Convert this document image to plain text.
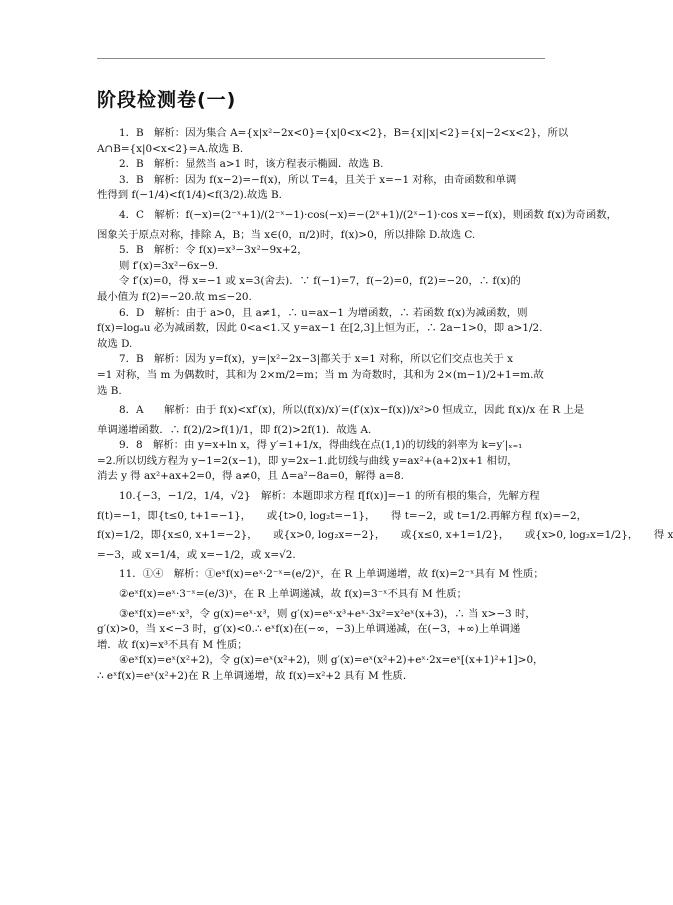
阶段检测卷(一)

1．B　解析：因为集合 A={x|x²−2x<0}={x|0<x<2}，B={x||x|<2}={x|−2<x<2}，所以

A∩B={x|0<x<2}=A.故选 B.

2．B　解析：显然当 a>1 时，该方程表示椭圆．故选 B.

3．B　解析：因为 f(x−2)=−f(x)，所以 T=4，且关于 x=−1 对称，由奇函数和单调

性得到 f(−1/4)<f(1/4)<f(3/2).故选 B.

4．C　解析：f(−x)=(2⁻ˣ+1)/(2⁻ˣ−1)·cos(−x)=−(2ˣ+1)/(2ˣ−1)·cos x=−f(x)，则函数 f(x)为奇函数，

图象关于原点对称，排除 A，B；当 x∈(0，π/2)时，f(x)>0，所以排除 D.故选 C.

5．B　解析：令 f(x)=x³−3x²−9x+2，

则 f′(x)=3x²−6x−9.

令 f′(x)=0，得 x=−1 或 x=3(舍去)．∵ f(−1)=7，f(−2)=0，f(2)=−20，∴ f(x)的

最小值为 f(2)=−20.故 m≤−20.

6．D　解析：由于 a>0，且 a≠1，∴ u=ax−1 为增函数，∴ 若函数 f(x)为减函数，则

f(x)=logₐu 必为减函数，因此 0<a<1.又 y=ax−1 在[2,3]上恒为正，∴ 2a−1>0，即 a>1/2.

故选 D.

7．B　解析：因为 y=f(x)，y=|x²−2x−3|都关于 x=1 对称，所以它们交点也关于 x

=1 对称，当 m 为偶数时，其和为 2×m/2=m；当 m 为奇数时，其和为 2×(m−1)/2+1=m.故

选 B.

8．A　　解析：由于 f(x)<xf′(x)，所以(f(x)/x)′=(f′(x)x−f(x))/x²>0 恒成立，因此 f(x)/x 在 R 上是

单调递增函数．∴ f(2)/2>f(1)/1，即 f(2)>2f(1)．故选 A.

9．8　解析：由 y=x+ln x，得 y′=1+1/x，得曲线在点(1,1)的切线的斜率为 k=y′|ₓ₌₁

=2.所以切线方程为 y−1=2(x−1)，即 y=2x−1.此切线与曲线 y=ax²+(a+2)x+1 相切，

消去 y 得 ax²+ax+2=0，得 a≠0，且 Δ=a²−8a=0，解得 a=8.

10.{−3，−1/2，1/4，√2}　解析：本题即求方程 f[f(x)]=−1 的所有根的集合，先解方程

f(t)=−1，即{t≤0, t+1=−1}，　　或{t>0, log₂t=−1}，　　得 t=−2，或 t=1/2.再解方程 f(x)=−2，

f(x)=1/2，即{x≤0, x+1=−2}，　　或{x>0, log₂x=−2}，　　或{x≤0, x+1=1/2}，　　或{x>0, log₂x=1/2}，　　得 x

=−3，或 x=1/4，或 x=−1/2，或 x=√2.

11．①④　解析：①eˣf(x)=eˣ·2⁻ˣ=(e/2)ˣ，在 R 上单调递增，故 f(x)=2⁻ˣ具有 M 性质；

②eˣf(x)=eˣ·3⁻ˣ=(e/3)ˣ，在 R 上单调递减，故 f(x)=3⁻ˣ不具有 M 性质；

③eˣf(x)=eˣ·x³，令 g(x)=eˣ·x³，则 g′(x)=eˣ·x³+eˣ·3x²=x²eˣ(x+3)，∴ 当 x>−3 时，

g′(x)>0，当 x<−3 时，g′(x)<0.∴ eˣf(x)在(−∞，−3)上单调递减，在(−3，+∞)上单调递

增．故 f(x)=x³不具有 M 性质；

④eˣf(x)=eˣ(x²+2)，令 g(x)=eˣ(x²+2)，则 g′(x)=eˣ(x²+2)+eˣ·2x=eˣ[(x+1)²+1]>0，

∴ eˣf(x)=eˣ(x²+2)在 R 上单调递增，故 f(x)=x²+2 具有 M 性质．
